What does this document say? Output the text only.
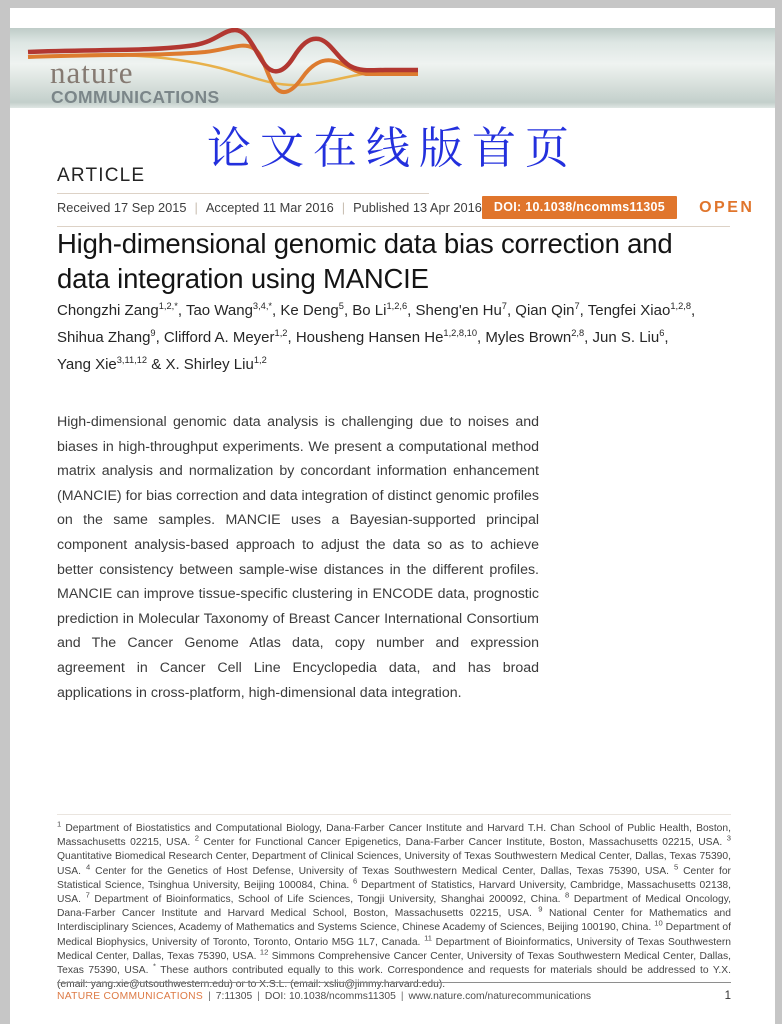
nature
COMMUNICATIONS
论文在线版首页
ARTICLE
Received 17 Sep 2015 | Accepted 11 Mar 2016 | Published 13 Apr 2016 DOI: 10.1038/ncomms11305	OPEN
High-dimensional genomic data bias correction and data integration using MANCIE
Chongzhi Zang$^{1,2,*}$, Tao Wang$^{3,4,*}$, Ke Deng$^5$, Bo Li$^{1,2,6}$, Sheng'en Hu$^7$, Qian Qin$^7$, Tengfei Xiao$^{1,2,8}$,
Shihua Zhang$^9$, Clifford A. Meyer$^{1,2}$, Housheng Hansen He$^{1,2,8,10}$, Myles Brown$^{2,8}$, Jun S. Liu$^6$,
Yang Xie$^{3,11,12}$ & X. Shirley Liu$^{1,2}$

High-dimensional genomic data analysis is challenging due to noises and biases in high-throughput experiments. We present a computational method matrix analysis and normalization by concordant information enhancement (MANCIE) for bias correction and data integration of distinct genomic profiles on the same samples. MANCIE uses a Bayesian-supported principal component analysis-based approach to adjust the data so as to achieve better consistency between sample-wise distances in the different profiles. MANCIE can improve tissue-specific clustering in ENCODE data, prognostic prediction in Molecular Taxonomy of Breast Cancer International Consortium and The Cancer Genome Atlas data, copy number and expression agreement in Cancer Cell Line Encyclopedia data, and has broad applications in cross-platform, high-dimensional data integration.

$^1$ Department of Biostatistics and Computational Biology, Dana-Farber Cancer Institute and Harvard T.H. Chan School of Public Health, Boston, Massachusetts 02215, USA. $^2$ Center for Functional Cancer Epigenetics, Dana-Farber Cancer Institute, Boston, Massachusetts 02215, USA. $^3$ Quantitative Biomedical Research Center, Department of Clinical Sciences, University of Texas Southwestern Medical Center, Dallas, Texas 75390, USA. $^4$ Center for the Genetics of Host Defense, University of Texas Southwestern Medical Center, Dallas, Texas 75390, USA. $^5$ Center for Statistical Science, Tsinghua University, Beijing 100084, China. $^6$ Department of Statistics, Harvard University, Cambridge, Massachusetts 02138, USA. $^7$ Department of Bioinformatics, School of Life Sciences, Tongji University, Shanghai 200092, China. $^8$ Department of Medical Oncology, Dana-Farber Cancer Institute and Harvard Medical School, Boston, Massachusetts 02215, USA. $^9$ National Center for Mathematics and Interdisciplinary Sciences, Academy of Mathematics and Systems Science, Chinese Academy of Sciences, Beijing 100190, China. $^{10}$ Department of Medical Biophysics, University of Toronto, Toronto, Ontario M5G 1L7, Canada. $^{11}$ Department of Bioinformatics, University of Texas Southwestern Medical Center, Dallas, Texas 75390, USA. $^{12}$ Simmons Comprehensive Cancer Center, University of Texas Southwestern Medical Center, Dallas, Texas 75390, USA. * These authors contributed equally to this work. Correspondence and requests for materials should be addressed to Y.X. (email: yang.xie@utsouthwestern.edu) or to X.S.L. (email: xsliu@jimmy.harvard.edu).
NATURE COMMUNICATIONS | 7:11305 | DOI: 10.1038/ncomms11305 | www.nature.com/naturecommunications	1
